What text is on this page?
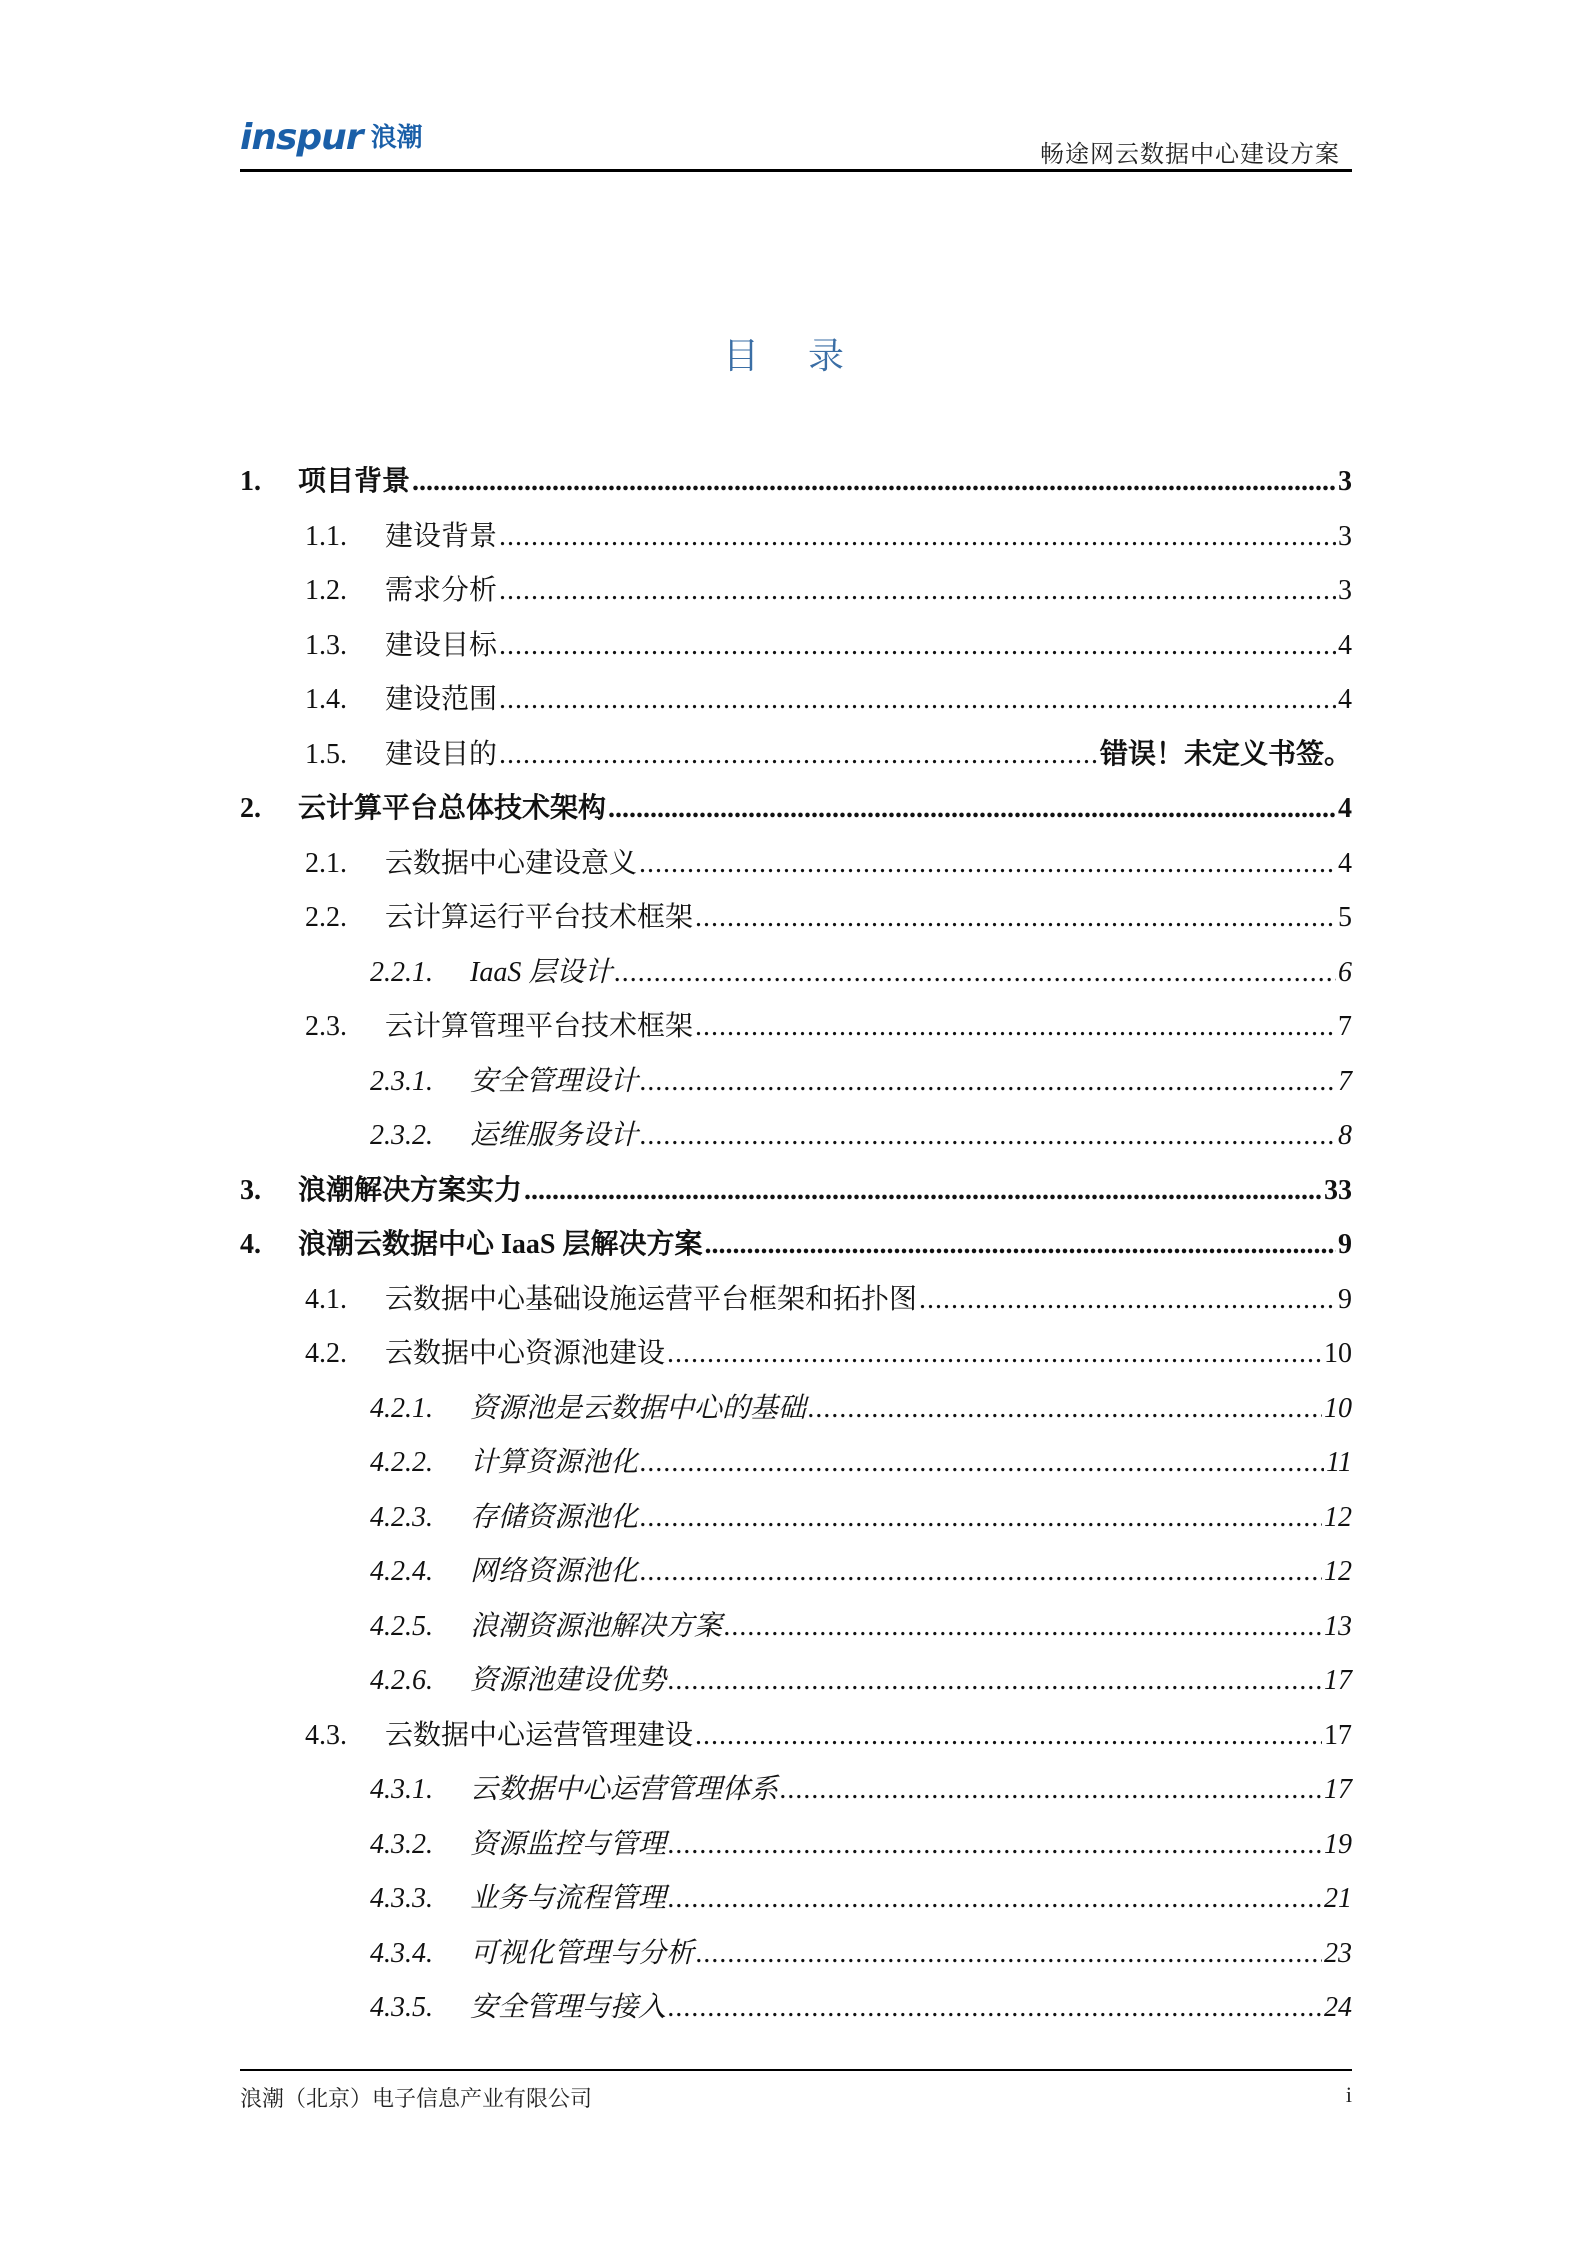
inspur 浪潮
畅途网云数据中心建设方案
目 录
1.	项目背景 .....	3
1.1.	建设背景 .....	3
1.2.	需求分析 .....	3
1.3.	建设目标 .....	4
1.4.	建设范围 .....	4
1.5.	建设目的 .....	错误！未定义书签。
2.	云计算平台总体技术架构 .....	4
2.1.	云数据中心建设意义 .....	4
2.2.	云计算运行平台技术框架 .....	5
2.2.1.	IaaS 层设计 .....	6
2.3.	云计算管理平台技术框架 .....	7
2.3.1.	安全管理设计 .....	7
2.3.2.	运维服务设计 .....	8
3.	浪潮解决方案实力 .....	33
4.	浪潮云数据中心 IaaS 层解决方案 .....	9
4.1.	云数据中心基础设施运营平台框架和拓扑图 .....	9
4.2.	云数据中心资源池建设 .....	10
4.2.1.	资源池是云数据中心的基础 .....	10
4.2.2.	计算资源池化 .....	11
4.2.3.	存储资源池化 .....	12
4.2.4.	网络资源池化 .....	12
4.2.5.	浪潮资源池解决方案 .....	13
4.2.6.	资源池建设优势 .....	17
4.3.	云数据中心运营管理建设 .....	17
4.3.1.	云数据中心运营管理体系 .....	17
4.3.2.	资源监控与管理 .....	19
4.3.3.	业务与流程管理 .....	21
4.3.4.	可视化管理与分析 .....	23
4.3.5.	安全管理与接入 .....	24
浪潮（北京）电子信息产业有限公司	i
